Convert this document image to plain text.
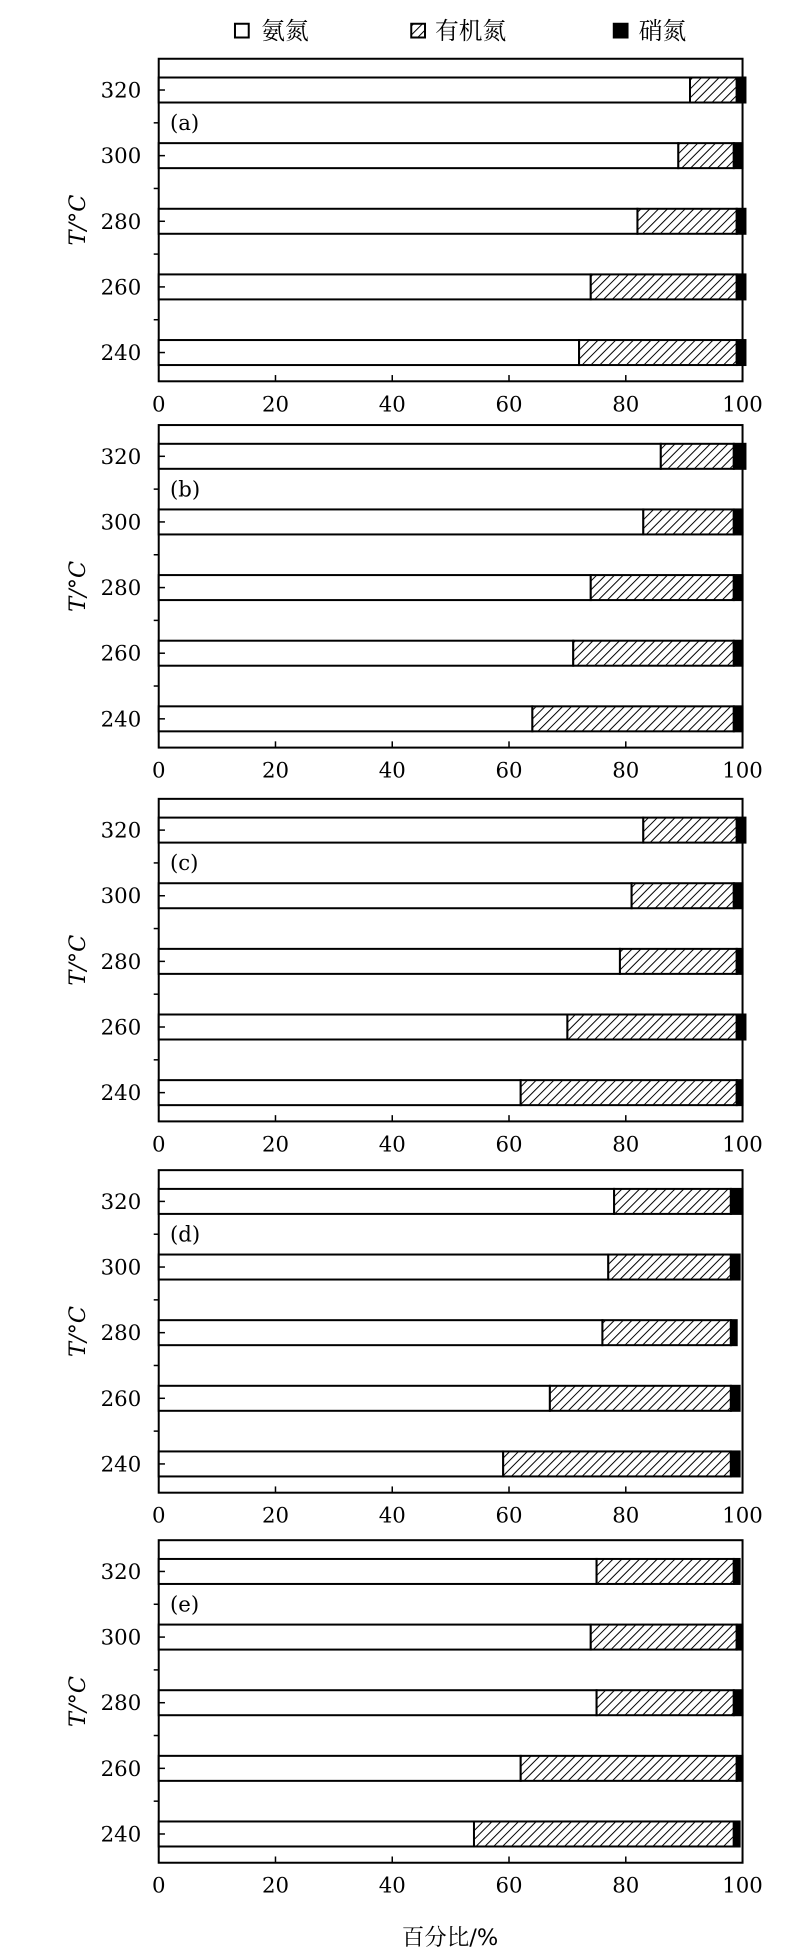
氨氮	有机氮	硝氮
320
300
280
260
240
0	20	40	60	80	100
(a)
T/°C
320
300
280
260
240
0	20	40	60	80	100
(b)
T/°C
320
300
280
260
240
0	20	40	60	80	100
(c)
T/°C
320
300
280
260
240
0	20	40	60	80	100
(d)
T/°C
320
300
280
260
240
0	20	40	60	80	100
(e)
T/°C
百分比/%
